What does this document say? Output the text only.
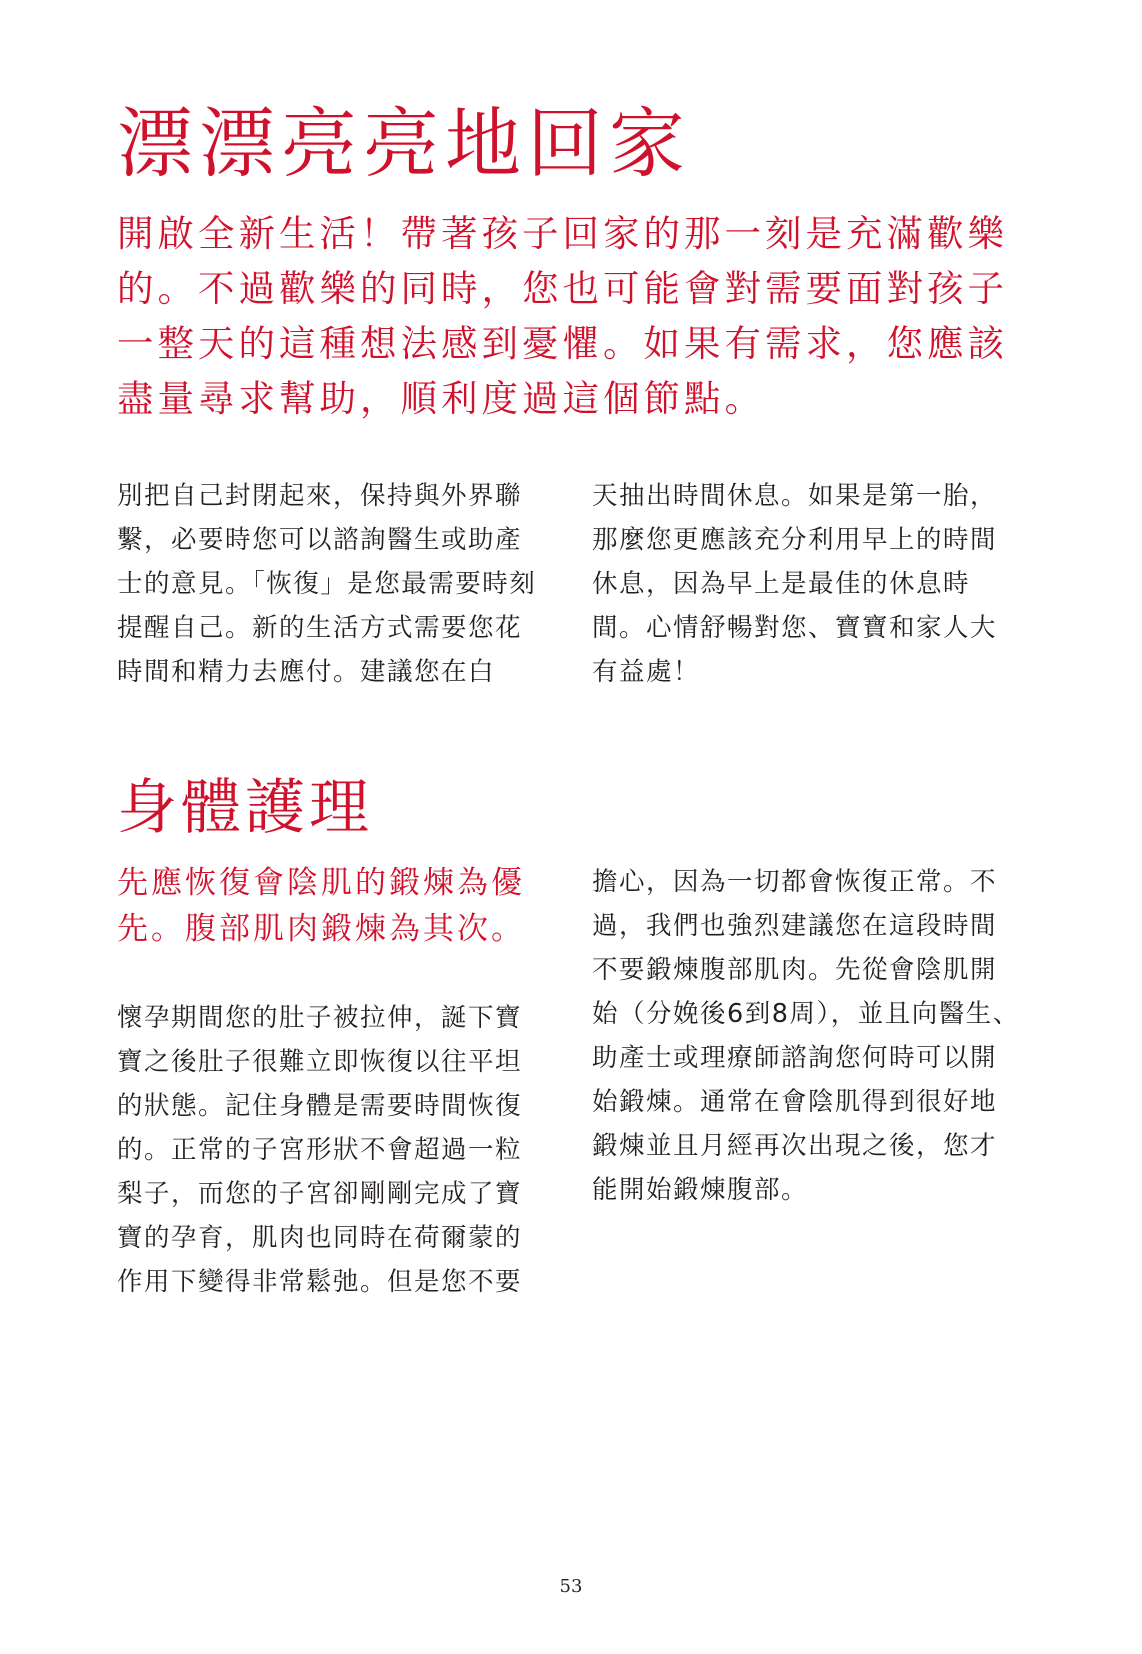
漂漂亮亮地回家

開啟全新生活！帶著孩子回家的那一刻是充滿歡樂的。不過歡樂的同時，您也可能會對需要面對孩子一整天的這種想法感到憂懼。如果有需求，您應該盡量尋求幫助，順利度過這個節點。

別把自己封閉起來，保持與外界聯繫，必要時您可以諮詢醫生或助產士的意見。「恢復」是您最需要時刻提醒自己。新的生活方式需要您花時間和精力去應付。建議您在白

天抽出時間休息。如果是第一胎，那麼您更應該充分利用早上的時間休息，因為早上是最佳的休息時間。心情舒暢對您、寶寶和家人大有益處！

身體護理

先應恢復會陰肌的鍛煉為優先。腹部肌肉鍛煉為其次。

懷孕期間您的肚子被拉伸，誕下寶寶之後肚子很難立即恢復以往平坦的狀態。記住身體是需要時間恢復的。正常的子宮形狀不會超過一粒梨子，而您的子宮卻剛剛完成了寶寶的孕育，肌肉也同時在荷爾蒙的作用下變得非常鬆弛。但是您不要

擔心，因為一切都會恢復正常。不過，我們也強烈建議您在這段時間不要鍛煉腹部肌肉。先從會陰肌開始（分娩後6到8周），並且向醫生、助產士或理療師諮詢您何時可以開始鍛煉。通常在會陰肌得到很好地鍛煉並且月經再次出現之後，您才能開始鍛煉腹部。

53
